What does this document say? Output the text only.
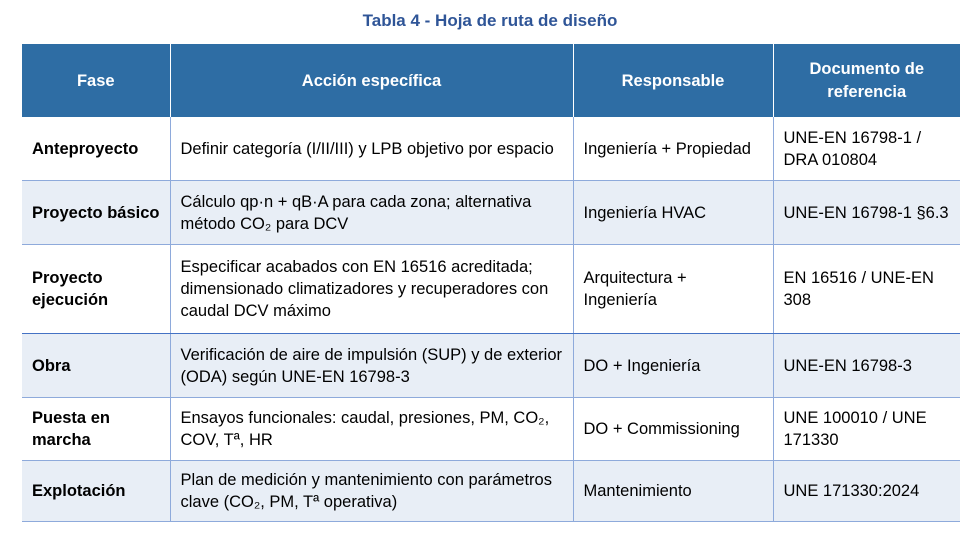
Tabla 4 - Hoja de ruta de diseño
Fase	Acción específica	Responsable	Documento de referencia
Anteproyecto	Definir categoría (I/II/III) y LPB objetivo por espacio	Ingeniería + Propiedad	UNE-EN 16798-1 / DRA 010804
Proyecto básico	Cálculo qp·n + qB·A para cada zona; alternativa método CO₂ para DCV	Ingeniería HVAC	UNE-EN 16798-1 §6.3
Proyecto ejecución	Especificar acabados con EN 16516 acreditada; dimensionado climatizadores y recuperadores con caudal DCV máximo	Arquitectura + Ingeniería	EN 16516 / UNE-EN 308
Obra	Verificación de aire de impulsión (SUP) y de exterior (ODA) según UNE-EN 16798-3	DO + Ingeniería	UNE-EN 16798-3
Puesta en marcha	Ensayos funcionales: caudal, presiones, PM, CO₂, COV, Tª, HR	DO + Commissioning	UNE 100010 / UNE 171330
Explotación	Plan de medición y mantenimiento con parámetros clave (CO₂, PM, Tª operativa)	Mantenimiento	UNE 171330:2024
